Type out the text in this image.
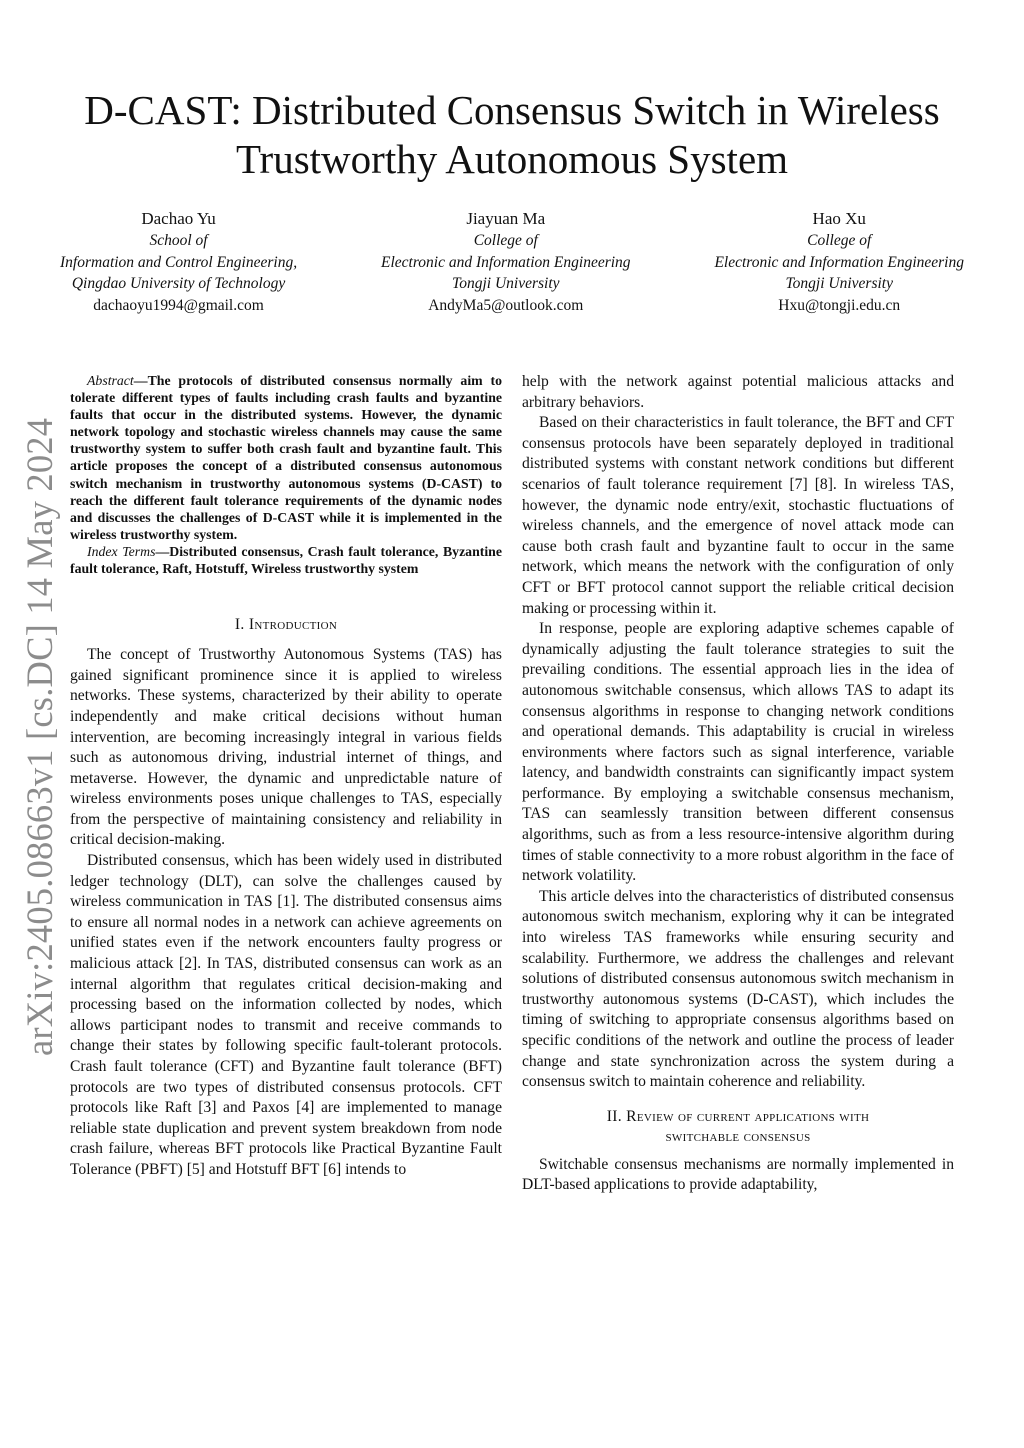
arXiv:2405.08663v1 [cs.DC] 14 May 2024
D-CAST: Distributed Consensus Switch in Wireless Trustworthy Autonomous System
Dachao Yu
School of
Information and Control Engineering,
Qingdao University of Technology
dachaoyu1994@gmail.com
Jiayuan Ma
College of
Electronic and Information Engineering
Tongji University
AndyMa5@outlook.com
Hao Xu
College of
Electronic and Information Engineering
Tongji University
Hxu@tongji.edu.cn

Abstract—The protocols of distributed consensus normally aim to tolerate different types of faults including crash faults and byzantine faults that occur in the distributed systems. However, the dynamic network topology and stochastic wireless channels may cause the same trustworthy system to suffer both crash fault and byzantine fault. This article proposes the concept of a distributed consensus autonomous switch mechanism in trustworthy autonomous systems (D-CAST) to reach the different fault tolerance requirements of the dynamic nodes and discusses the challenges of D-CAST while it is implemented in the wireless trustworthy system.

Index Terms—Distributed consensus, Crash fault tolerance, Byzantine fault tolerance, Raft, Hotstuff, Wireless trustworthy system

I. Introduction

The concept of Trustworthy Autonomous Systems (TAS) has gained significant prominence since it is applied to wireless networks. These systems, characterized by their ability to operate independently and make critical decisions without human intervention, are becoming increasingly integral in various fields such as autonomous driving, industrial internet of things, and metaverse. However, the dynamic and unpredictable nature of wireless environments poses unique challenges to TAS, especially from the perspective of maintaining consistency and reliability in critical decision-making.

Distributed consensus, which has been widely used in distributed ledger technology (DLT), can solve the challenges caused by wireless communication in TAS [1]. The distributed consensus aims to ensure all normal nodes in a network can achieve agreements on unified states even if the network encounters faulty progress or malicious attack [2]. In TAS, distributed consensus can work as an internal algorithm that regulates critical decision-making and processing based on the information collected by nodes, which allows participant nodes to transmit and receive commands to change their states by following specific fault-tolerant protocols. Crash fault tolerance (CFT) and Byzantine fault tolerance (BFT) protocols are two types of distributed consensus protocols. CFT protocols like Raft [3] and Paxos [4] are implemented to manage reliable state duplication and prevent system breakdown from node crash failure, whereas BFT protocols like Practical Byzantine Fault Tolerance (PBFT) [5] and Hotstuff BFT [6] intends to

help with the network against potential malicious attacks and arbitrary behaviors.

Based on their characteristics in fault tolerance, the BFT and CFT consensus protocols have been separately deployed in traditional distributed systems with constant network conditions but different scenarios of fault tolerance requirement [7] [8]. In wireless TAS, however, the dynamic node entry/exit, stochastic fluctuations of wireless channels, and the emergence of novel attack mode can cause both crash fault and byzantine fault to occur in the same network, which means the network with the configuration of only CFT or BFT protocol cannot support the reliable critical decision making or processing within it.

In response, people are exploring adaptive schemes capable of dynamically adjusting the fault tolerance strategies to suit the prevailing conditions. The essential approach lies in the idea of autonomous switchable consensus, which allows TAS to adapt its consensus algorithms in response to changing network conditions and operational demands. This adaptability is crucial in wireless environments where factors such as signal interference, variable latency, and bandwidth constraints can significantly impact system performance. By employing a switchable consensus mechanism, TAS can seamlessly transition between different consensus algorithms, such as from a less resource-intensive algorithm during times of stable connectivity to a more robust algorithm in the face of network volatility.

This article delves into the characteristics of distributed consensus autonomous switch mechanism, exploring why it can be integrated into wireless TAS frameworks while ensuring security and scalability. Furthermore, we address the challenges and relevant solutions of distributed consensus autonomous switch mechanism in trustworthy autonomous systems (D-CAST), which includes the timing of switching to appropriate consensus algorithms based on specific conditions of the network and outline the process of leader change and state synchronization across the system during a consensus switch to maintain coherence and reliability.

II. Review of current applications with
switchable consensus

Switchable consensus mechanisms are normally implemented in DLT-based applications to provide adaptability,
